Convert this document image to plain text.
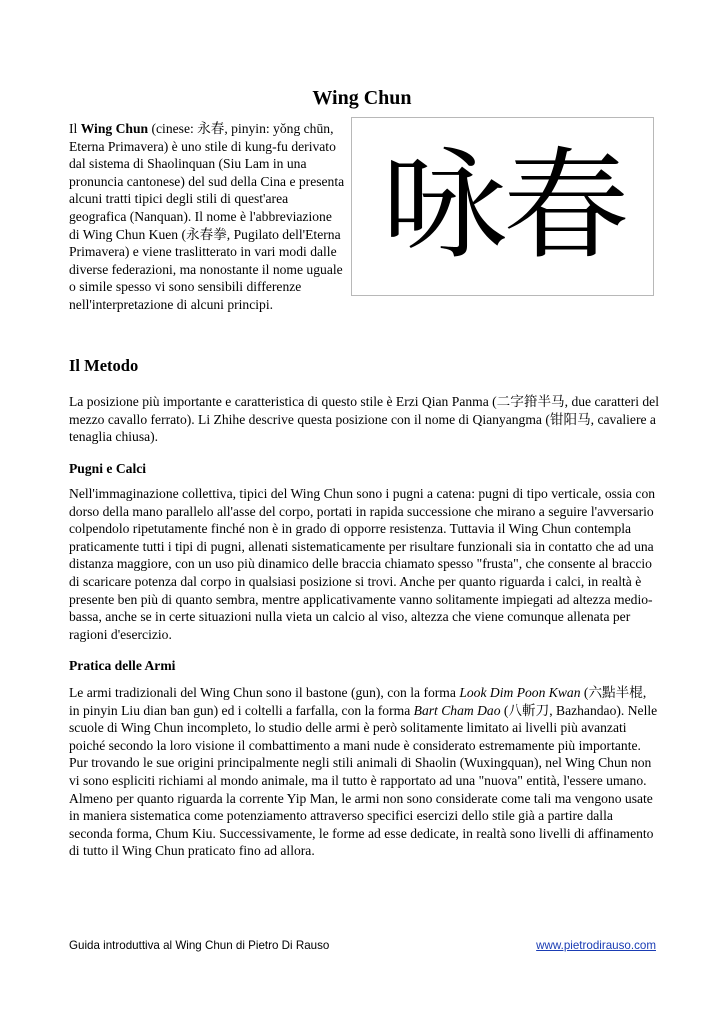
Wing Chun
Il Wing Chun (cinese: 永春, pinyin: yǒng chūn, Eterna Primavera) è uno stile di kung-fu derivato dal sistema di Shaolinquan (Siu Lam in una pronuncia cantonese) del sud della Cina e presenta alcuni tratti tipici degli stili di quest'area geografica (Nanquan). Il nome è l'abbreviazione di Wing Chun Kuen (永春拳, Pugilato dell'Eterna Primavera) e viene traslitterato in vari modi dalle diverse federazioni, ma nonostante il nome uguale o simile spesso vi sono sensibili differenze nell'interpretazione di alcuni principi.
咏春
Il Metodo
La posizione più importante e caratteristica di questo stile è Erzi Qian Panma (二字箝半马, due caratteri del mezzo cavallo ferrato). Li Zhihe descrive questa posizione con il nome di Qianyangma (钳阳马, cavaliere a tenaglia chiusa).
Pugni e Calci
Nell'immaginazione collettiva, tipici del Wing Chun sono i pugni a catena: pugni di tipo verticale, ossia con dorso della mano parallelo all'asse del corpo, portati in rapida successione che mirano a seguire l'avversario colpendolo ripetutamente finché non è in grado di opporre resistenza. Tuttavia il Wing Chun contempla praticamente tutti i tipi di pugni, allenati sistematicamente per risultare funzionali sia in contatto che ad una distanza maggiore, con un uso più dinamico delle braccia chiamato spesso "frusta", che consente al braccio di scaricare potenza dal corpo in qualsiasi posizione si trovi. Anche per quanto riguarda i calci, in realtà è presente ben più di quanto sembra, mentre applicativamente vanno solitamente impiegati ad altezza medio-bassa, anche se in certe situazioni nulla vieta un calcio al viso, altezza che viene comunque allenata per ragioni d'esercizio.
Pratica delle Armi
Le armi tradizionali del Wing Chun sono il bastone (gun), con la forma Look Dim Poon Kwan (六點半棍, in pinyin Liu dian ban gun) ed i coltelli a farfalla, con la forma Bart Cham Dao (八斬刀, Bazhandao). Nelle scuole di Wing Chun incompleto, lo studio delle armi è però solitamente limitato ai livelli più avanzati poiché secondo la loro visione il combattimento a mani nude è considerato estremamente più importante. Pur trovando le sue origini principalmente negli stili animali di Shaolin (Wuxingquan), nel Wing Chun non vi sono espliciti richiami al mondo animale, ma il tutto è rapportato ad una "nuova" entità, l'essere umano. Almeno per quanto riguarda la corrente Yip Man, le armi non sono considerate come tali ma vengono usate in maniera sistematica come potenziamento attraverso specifici esercizi dello stile già a partire dalla seconda forma, Chum Kiu. Successivamente, le forme ad esse dedicate, in realtà sono livelli di affinamento di tutto il Wing Chun praticato fino ad allora.
Guida introduttiva al Wing Chun di Pietro Di Rauso	www.pietrodirauso.com
